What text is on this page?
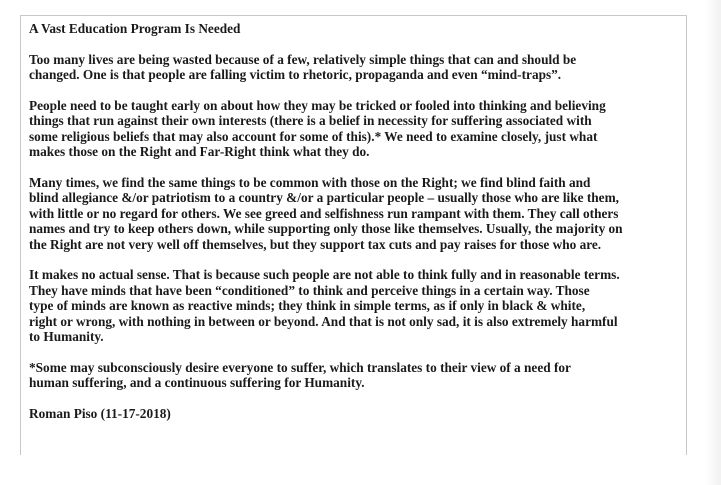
A Vast Education Program Is Needed
Too many lives are being wasted because of a few, relatively simple things that can and should be
changed. One is that people are falling victim to rhetoric, propaganda and even “mind-traps”.
People need to be taught early on about how they may be tricked or fooled into thinking and believing
things that run against their own interests (there is a belief in necessity for suffering associated with
some religious beliefs that may also account for some of this).* We need to examine closely, just what
makes those on the Right and Far-Right think what they do.
Many times, we find the same things to be common with those on the Right; we find blind faith and
blind allegiance &/or patriotism to a country &/or a particular people – usually those who are like them,
with little or no regard for others. We see greed and selfishness run rampant with them. They call others
names and try to keep others down, while supporting only those like themselves. Usually, the majority on
the Right are not very well off themselves, but they support tax cuts and pay raises for those who are.
It makes no actual sense. That is because such people are not able to think fully and in reasonable terms.
They have minds that have been “conditioned” to think and perceive things in a certain way. Those
type of minds are known as reactive minds; they think in simple terms, as if only in black & white,
right or wrong, with nothing in between or beyond. And that is not only sad, it is also extremely harmful
to Humanity.
*Some may subconsciously desire everyone to suffer, which translates to their view of a need for
human suffering, and a continuous suffering for Humanity.
Roman Piso (11-17-2018)
